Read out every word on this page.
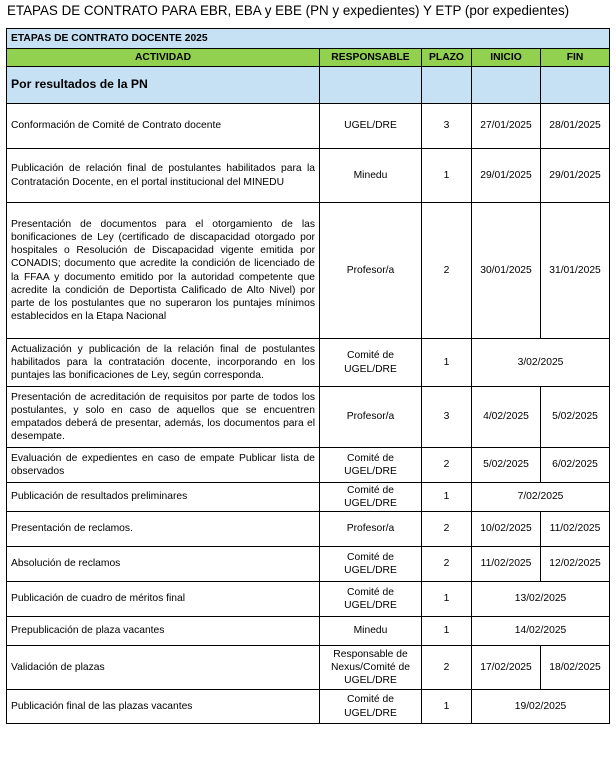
ETAPAS DE CONTRATO PARA EBR, EBA y EBE (PN y expedientes) Y ETP (por expedientes)
ETAPAS DE CONTRATO DOCENTE 2025				
ACTIVIDAD	RESPONSABLE	PLAZO	INICIO	FIN
Por resultados de la PN				
Conformación de Comité de Contrato docente	UGEL/DRE	3	27/01/2025	28/01/2025
Publicación de relación final de postulantes habilitados para la Contratación Docente, en el portal institucional del MINEDU	Minedu	1	29/01/2025	29/01/2025
Presentación de documentos para el otorgamiento de las bonificaciones de Ley (certificado de discapacidad otorgado por hospitales o Resolución de Discapacidad vigente emitida por CONADIS; documento que acredite la condición de licenciado de la FFAA y documento emitido por la autoridad competente que acredite la condición de Deportista Calificado de Alto Nivel) por parte de los postulantes que no superaron los puntajes mínimos establecidos en la Etapa Nacional	Profesor/a	2	30/01/2025	31/01/2025
Actualización y publicación de la relación final de postulantes habilitados para la contratación docente, incorporando en los puntajes las bonificaciones de Ley, según corresponda.	Comité de UGEL/DRE	1	3/02/2025	
Presentación de acreditación de requisitos por parte de todos los postulantes, y solo en caso de aquellos que se encuentren empatados deberá de presentar, además, los documentos para el desempate.	Profesor/a	3	4/02/2025	5/02/2025
Evaluación de expedientes en caso de empate Publicar lista de observados	Comité de UGEL/DRE	2	5/02/2025	6/02/2025
Publicación de resultados preliminares	Comité de UGEL/DRE	1	7/02/2025	
Presentación de reclamos.	Profesor/a	2	10/02/2025	11/02/2025
Absolución de reclamos	Comité de UGEL/DRE	2	11/02/2025	12/02/2025
Publicación de cuadro de méritos final	Comité de UGEL/DRE	1	13/02/2025	
Prepublicación de plaza vacantes	Minedu	1	14/02/2025	
Validación de plazas	Responsable de Nexus/Comité de UGEL/DRE	2	17/02/2025	18/02/2025
Publicación final de las plazas vacantes	Comité de UGEL/DRE	1	19/02/2025	
